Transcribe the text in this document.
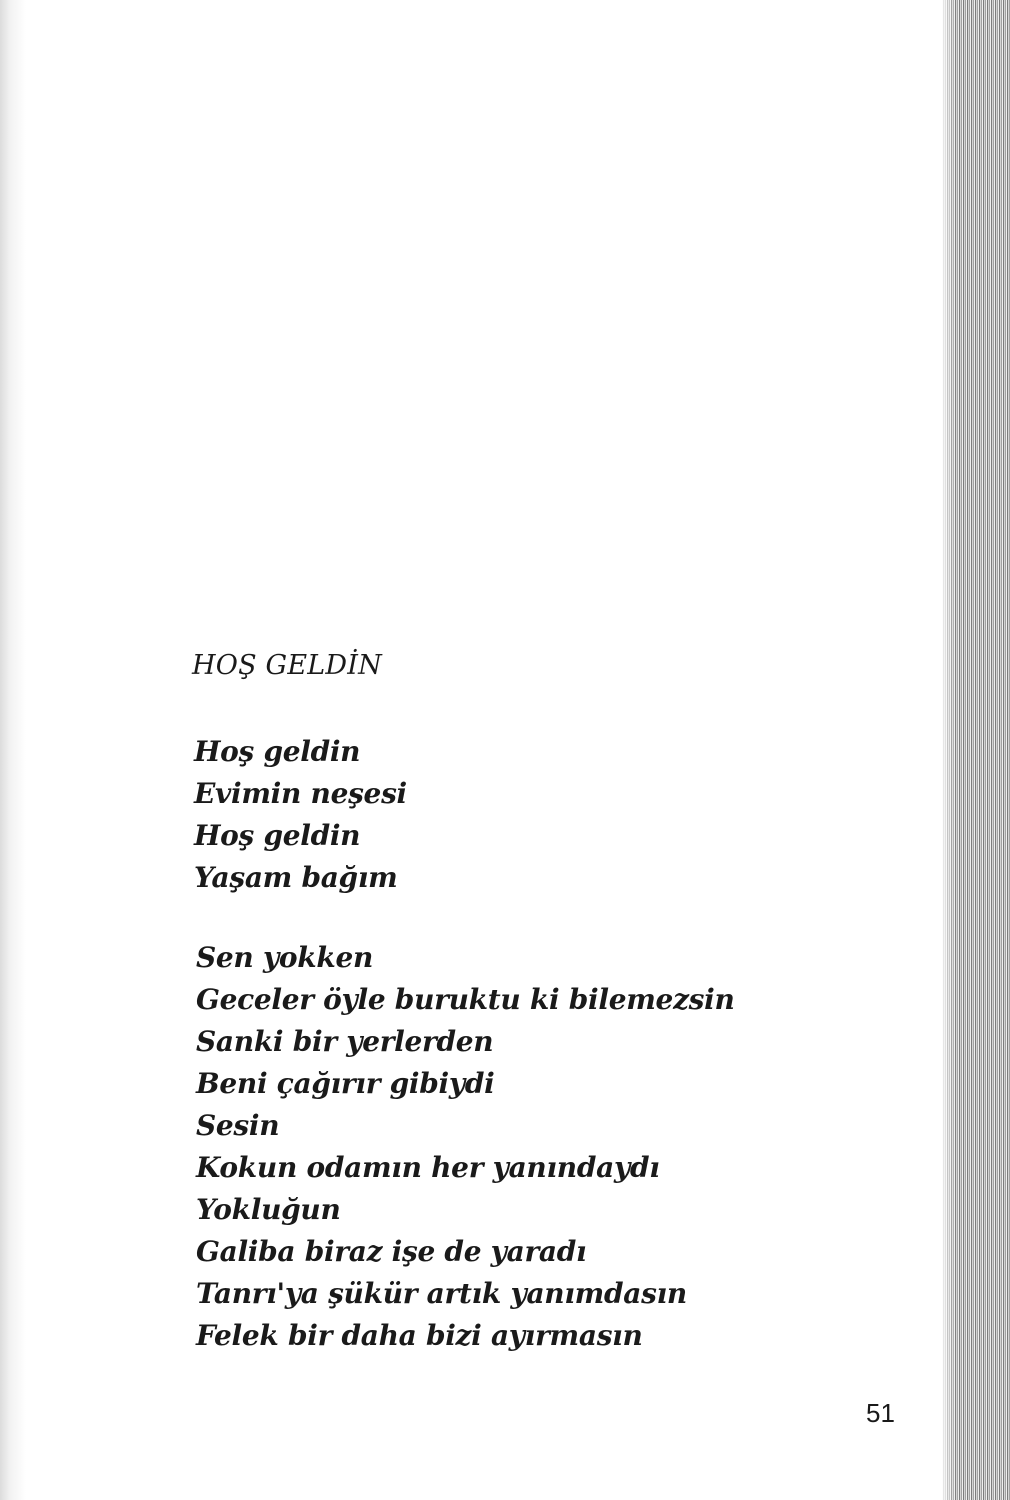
HOŞ GELDİN
Hoş geldin
Evimin neşesi
Hoş geldin
Yaşam bağım
Sen yokken
Geceler öyle buruktu ki bilemezsin
Sanki bir yerlerden
Beni çağırır gibiydi
Sesin
Kokun odamın her yanındaydı
Yokluğun
Galiba biraz işe de yaradı
Tanrı'ya şükür artık yanımdasın
Felek bir daha bizi ayırmasın
51
